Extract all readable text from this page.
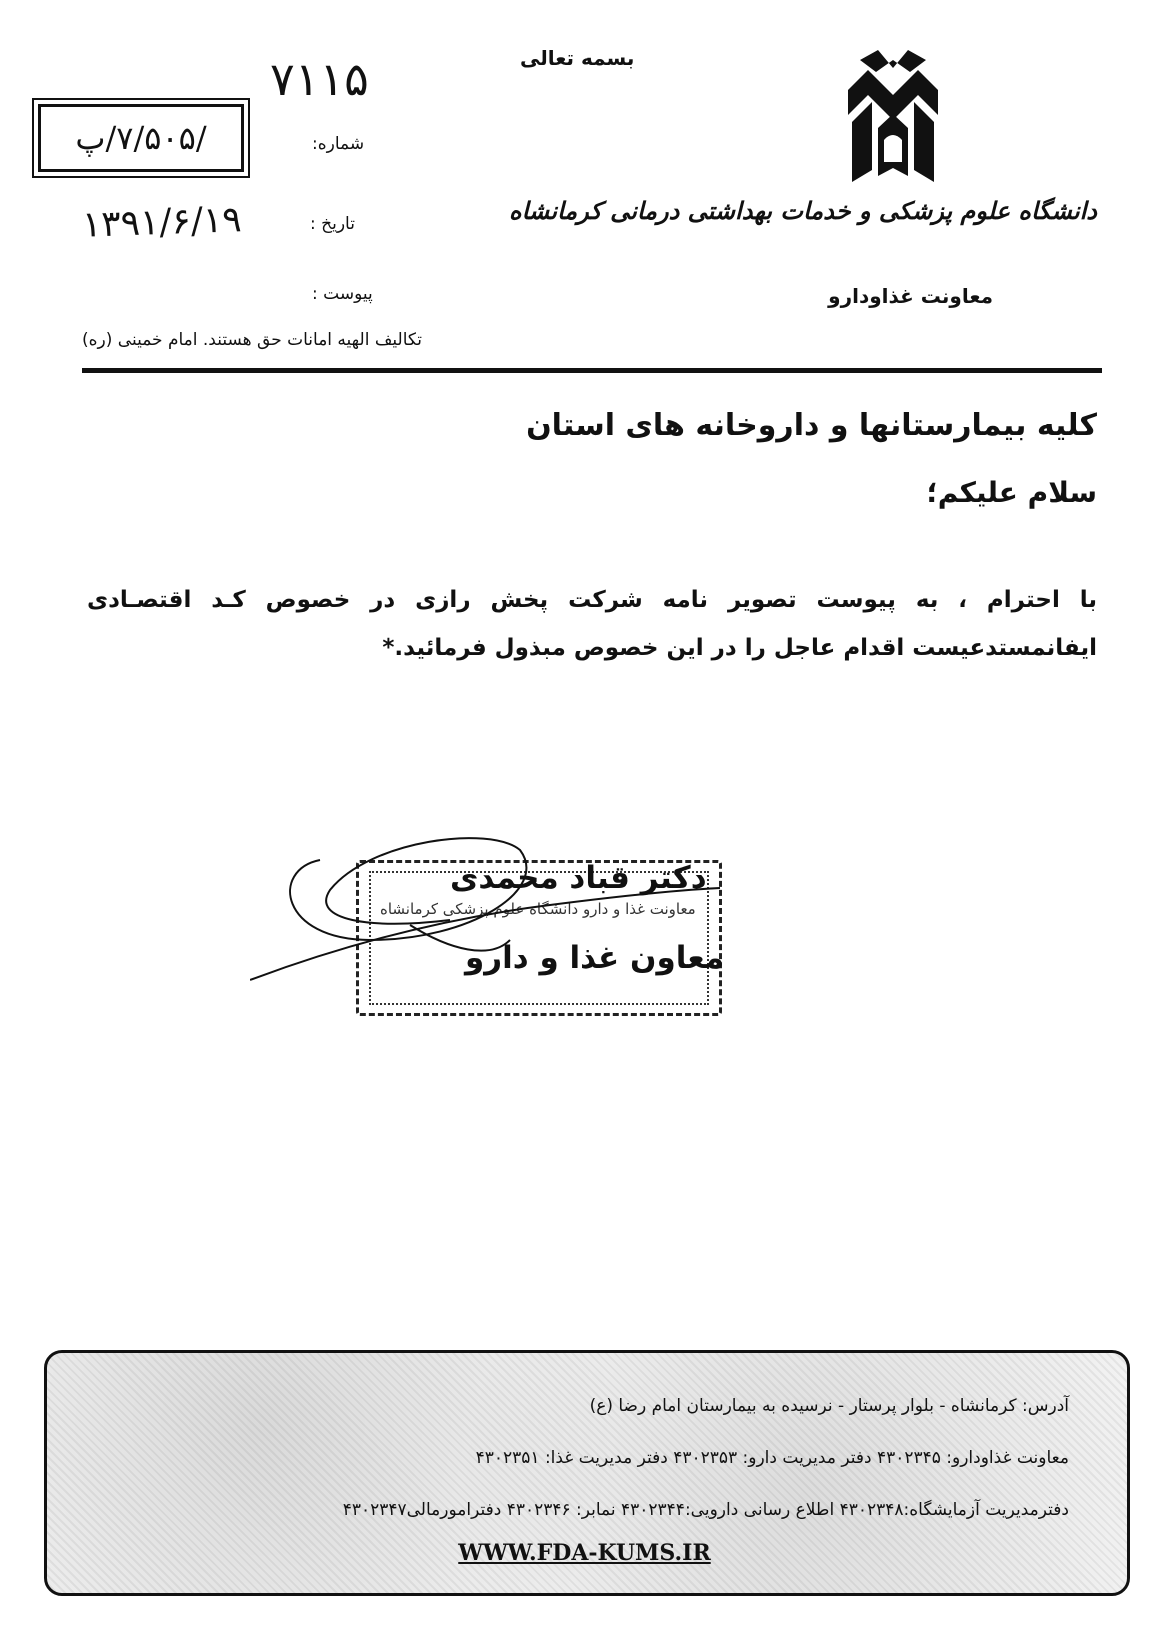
بسمه تعالی
۷۱۱۵
/۷/۵۰۵/پ	شماره:
تاریخ :
۱۳۹۱/۶/۱۹
پیوست :
تکالیف الهیه امانات حق هستند. امام خمینی (ره)
دانشگاه علوم پزشکی و خدمات بهداشتی درمانی کرمانشاه
معاونت غذاودارو
کلیه بیمارستانها و داروخانه های استان
سلام علیکم؛
با احترام ، به پیوست تصویر نامه شرکت پخش رازی در خصوص کـد اقتصـادی ایفانمستدعیست اقدام عاجل را در این خصوص مبذول فرمائید.*
دکتر قباد محمدی
معاونت غذا و دارو دانشگاه علوم پزشکی کرمانشاه
معاون غذا و دارو
آدرس: کرمانشاه - بلوار پرستار - نرسیده به بیمارستان امام رضا (ع)
معاونت غذاودارو: ۴۳۰۲۳۴۵ دفتر مدیریت دارو: ۴۳۰۲۳۵۳ دفتر مدیریت غذا: ۴۳۰۲۳۵۱
دفترمدیریت آزمایشگاه:۴۳۰۲۳۴۸ اطلاع رسانی دارویی:۴۳۰۲۳۴۴ نمابر: ۴۳۰۲۳۴۶ دفترامورمالی۴۳۰۲۳۴۷
WWW.FDA-KUMS.IR
